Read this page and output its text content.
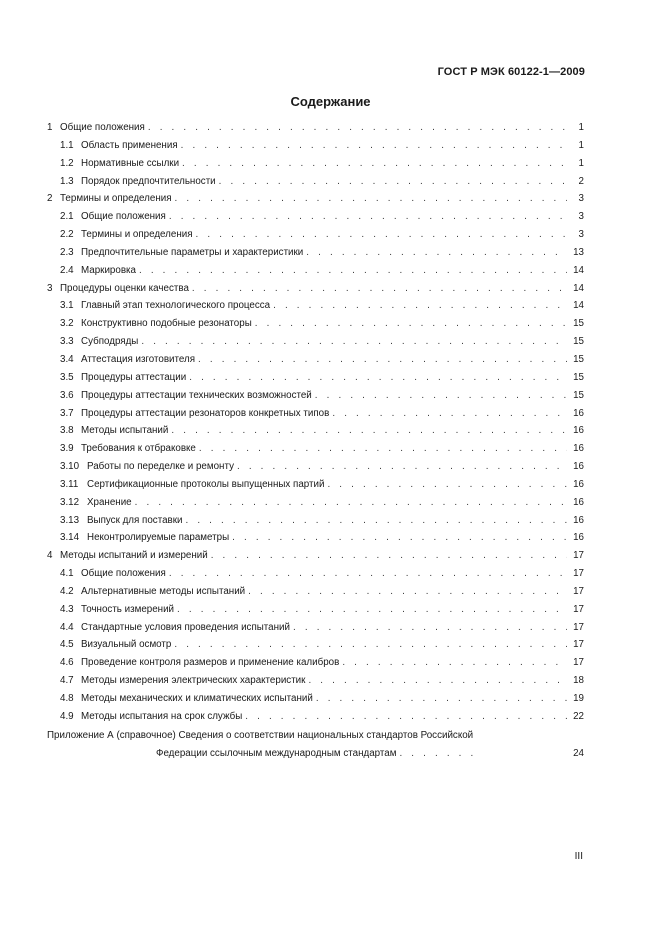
ГОСТ Р МЭК 60122-1—2009
Содержание
1 Общие положения . . .	1
1.1 Область применения . . .	1
1.2 Нормативные ссылки . . .	1
1.3 Порядок предпочтительности . . .	2
2 Термины и определения . . .	3
2.1 Общие положения . . .	3
2.2 Термины и определения . . .	3
2.3 Предпочтительные параметры и характеристики . . .	13
2.4 Маркировка . . .	14
3 Процедуры оценки качества . . .	14
3.1 Главный этап технологического процесса . . .	14
3.2 Конструктивно подобные резонаторы . . .	15
3.3 Субподряды . . .	15
3.4 Аттестация изготовителя . . .	15
3.5 Процедуры аттестации . . .	15
3.6 Процедуры аттестации технических возможностей . . .	15
3.7 Процедуры аттестации резонаторов конкретных типов . . .	16
3.8 Методы испытаний . . .	16
3.9 Требования к отбраковке . . .	16
3.10 Работы по переделке и ремонту . . .	16
3.11 Сертификационные протоколы выпущенных партий . . .	16
3.12 Хранение . . .	16
3.13 Выпуск для поставки . . .	16
3.14 Неконтролируемые параметры . . .	16
4 Методы испытаний и измерений . . .	17
4.1 Общие положения . . .	17
4.2 Альтернативные методы испытаний . . .	17
4.3 Точность измерений . . .	17
4.4 Стандартные условия проведения испытаний . . .	17
4.5 Визуальный осмотр . . .	17
4.6 Проведение контроля размеров и применение калибров . . .	17
4.7 Методы измерения электрических характеристик . . .	18
4.8 Методы механических и климатических испытаний . . .	19
4.9 Методы испытания на срок службы . . .	22
Приложение А (справочное) Сведения о соответствии национальных стандартов Российской
Федерации ссылочным международным стандартам . . .	24
III
